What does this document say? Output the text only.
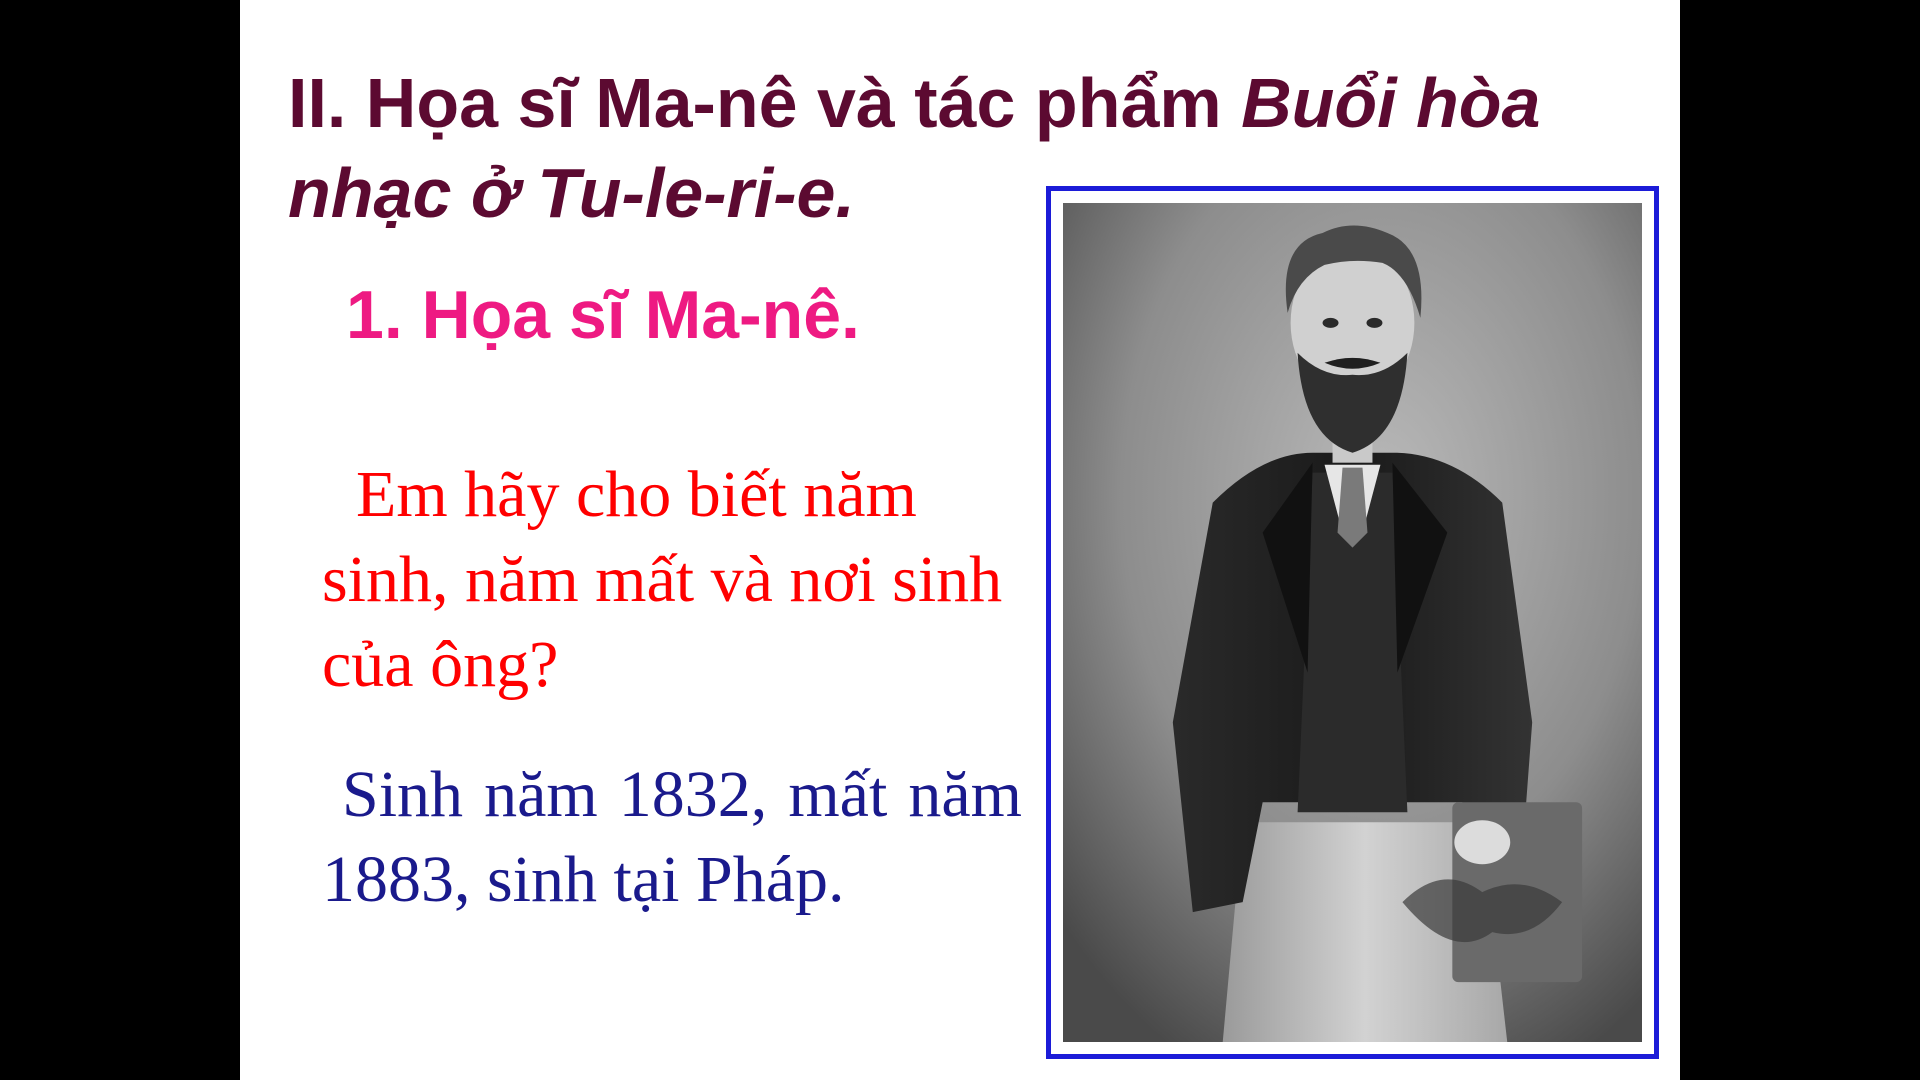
II. Họa sĩ Ma-nê và tác phẩm Buổi hòa nhạc ở Tu-le-ri-e.
1. Họa sĩ Ma-nê.

Em hãy cho biết năm sinh, năm mất và nơi sinh của ông?

Sinh năm 1832, mất năm 1883, sinh tại Pháp.
